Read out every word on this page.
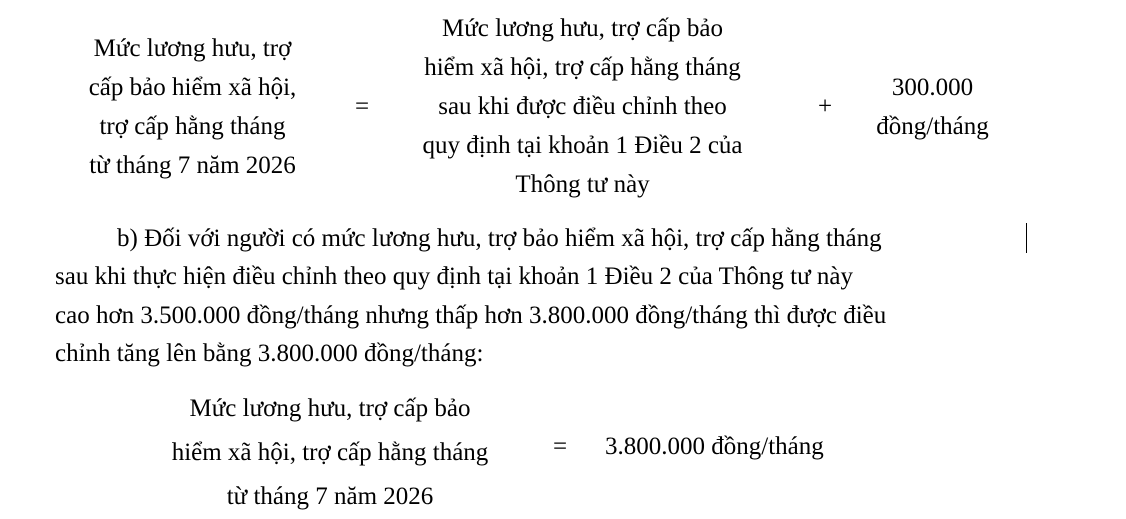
Mức lương hưu, trợ
cấp bảo hiểm xã hội,
trợ cấp hằng tháng
từ tháng 7 năm 2026
=
Mức lương hưu, trợ cấp bảo
hiểm xã hội, trợ cấp hằng tháng
sau khi được điều chỉnh theo
quy định tại khoản 1 Điều 2 của
Thông tư này
+
300.000
đồng/tháng
b) Đối với người có mức lương hưu, trợ bảo hiểm xã hội, trợ cấp hằng tháng
sau khi thực hiện điều chỉnh theo quy định tại khoản 1 Điều 2 của Thông tư này
cao hơn 3.500.000 đồng/tháng nhưng thấp hơn 3.800.000 đồng/tháng thì được điều
chỉnh tăng lên bằng 3.800.000 đồng/tháng:
Mức lương hưu, trợ cấp bảo
hiểm xã hội, trợ cấp hằng tháng
từ tháng 7 năm 2026
= 3.800.000 đồng/tháng
